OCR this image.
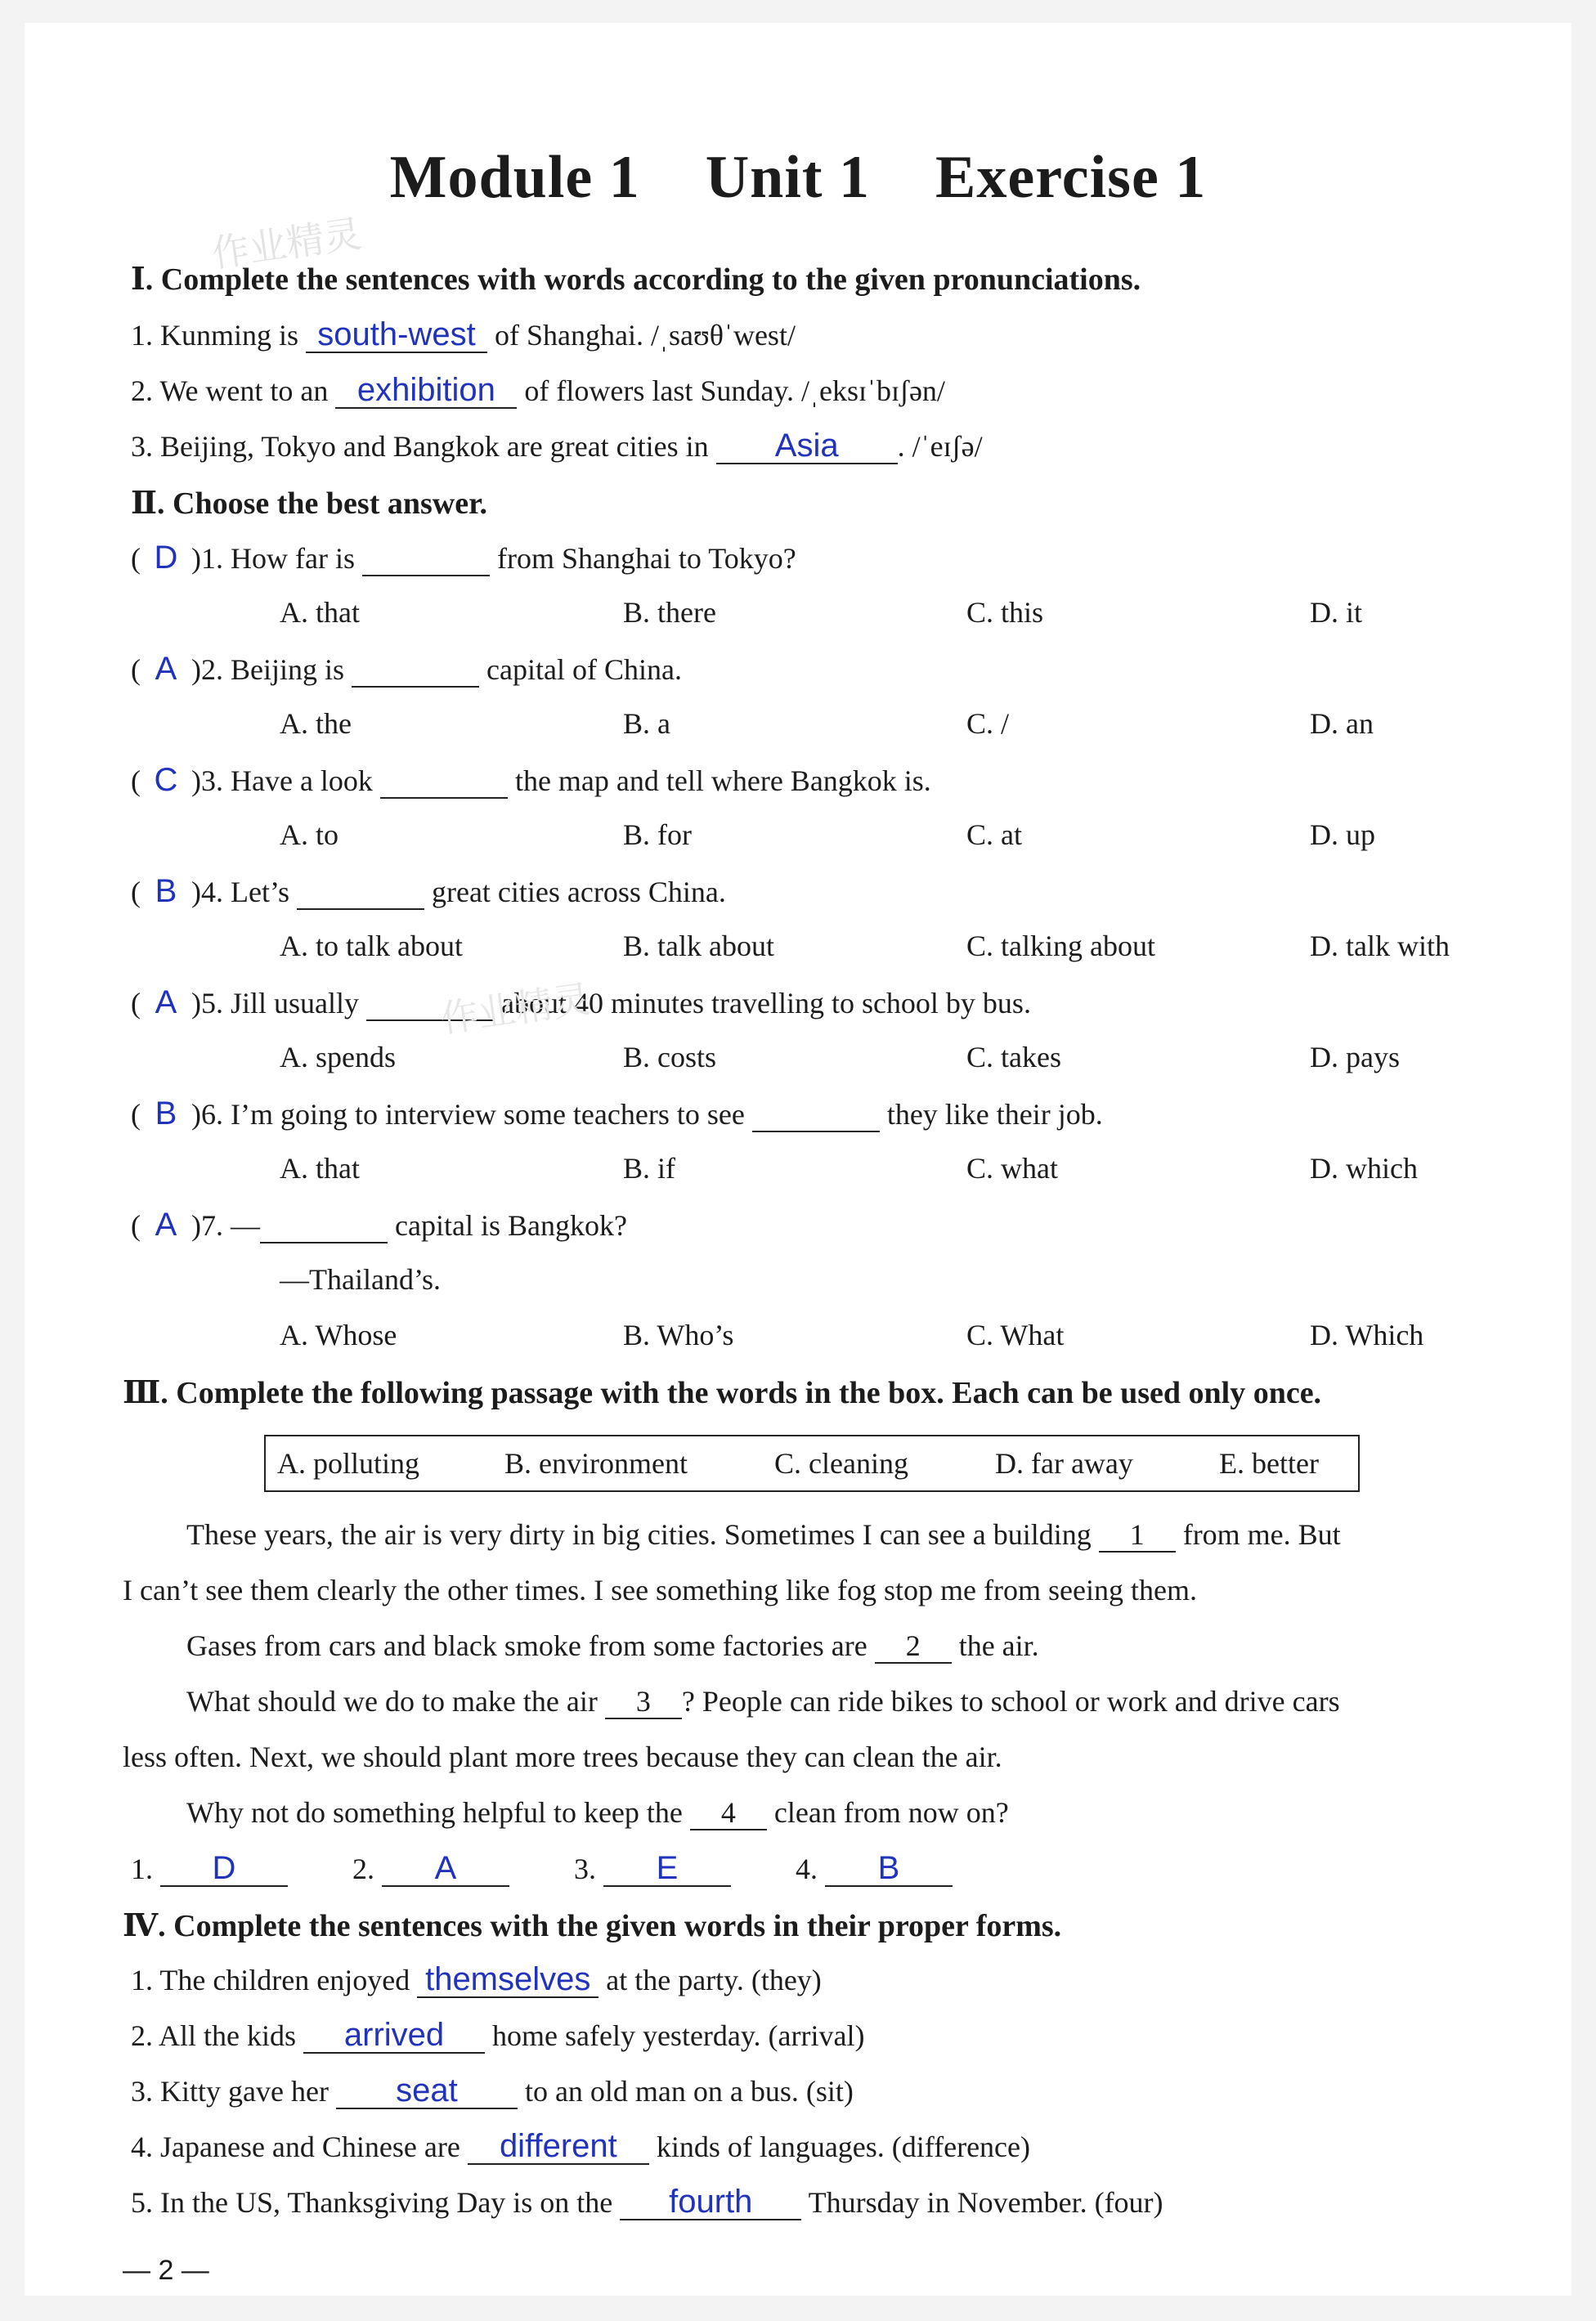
Module 1 Unit 1 Exercise 1
作业精灵
Ⅰ. Complete the sentences with words according to the given pronunciations.
1. Kunming is south-west of Shanghai. /ˌsaʊθˈwest/
2. We went to an exhibition of flowers last Sunday. /ˌeksɪˈbɪʃən/
3. Beijing, Tokyo and Bangkok are great cities in Asia . /ˈeɪʃə/
Ⅱ. Choose the best answer.
( D )1. How far is	from Shanghai to Tokyo?
A. that	B. there	C. this	D. it
( A )2. Beijing is	capital of China.
A. the	B. a	C. /	D. an
( C )3. Have a look	the map and tell where Bangkok is.
A. to	B. for	C. at	D. up
( B )4. Let’s	great cities across China.
A. to talk about	B. talk about	C. talking about	D. talk with
( A )5. Jill usually	about 40 minutes travelling to school by bus.
作业精灵
A. spends	B. costs	C. takes	D. pays
( B )6. I’m going to interview some teachers to see	they like their job.
A. that	B. if	C. what	D. which
( A )7. —	capital is Bangkok?
—Thailand’s.
A. Whose	B. Who’s	C. What	D. Which
Ⅲ. Complete the following passage with the words in the box. Each can be used only once.
A. polluting	B. environment	C. cleaning	D. far away	E. better
These years, the air is very dirty in big cities. Sometimes I can see a building 1 from me. But
I can’t see them clearly the other times. I see something like fog stop me from seeing them.
Gases from cars and black smoke from some factories are 2 the air.
What should we do to make the air 3 ? People can ride bikes to school or work and drive cars
less often. Next, we should plant more trees because they can clean the air.
Why not do something helpful to keep the 4 clean from now on?
1. D	2. A	3. E	4. B
Ⅳ. Complete the sentences with the given words in their proper forms.
1. The children enjoyed themselves at the party. (they)
2. All the kids arrived home safely yesterday. (arrival)
3. Kitty gave her seat to an old man on a bus. (sit)
4. Japanese and Chinese are different kinds of languages. (difference)
5. In the US, Thanksgiving Day is on the fourth Thursday in November. (four)
— 2 —
